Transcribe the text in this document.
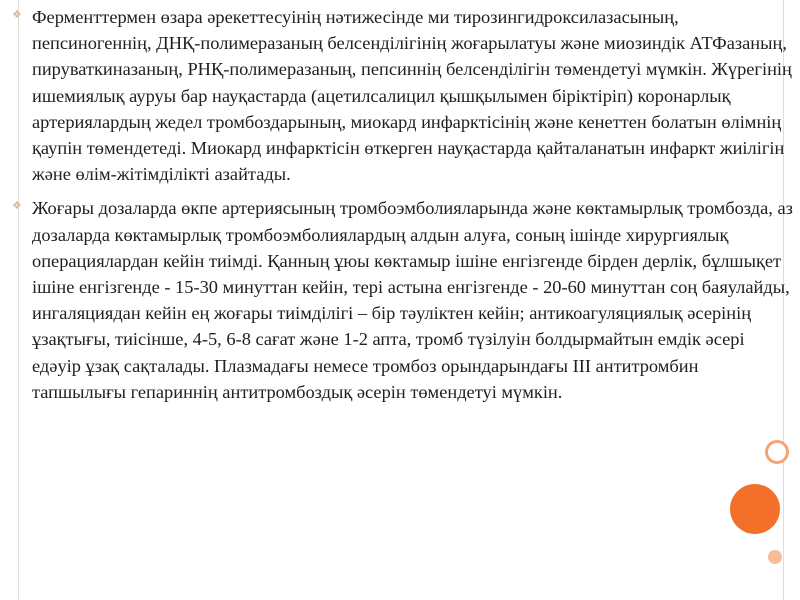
❖ Ферменттермен өзара әрекеттесуінің нәтижесінде ми тирозингидроксилазасының, пепсиногеннің, ДНҚ-полимеразаның белсенділігінің жоғарылатуы және миозиндік АТФазаның, пируваткиназаның, РНҚ-полимеразаның, пепсиннің белсенділігін төмендетуі мүмкін. Жүрегінің ишемиялық ауруы бар науқастарда (ацетилсалицил қышқылымен біріктіріп) коронарлық артериялардың жедел тромбоздарының, миокард инфарктісінің және кенеттен болатын өлімнің қаупін төмендетеді. Миокард инфарктісін өткерген науқастарда қайталанатын инфаркт жиілігін және өлім-жітімділікті азайтады.
❖ Жоғары дозаларда өкпе артериясының тромбоэмболияларында және көктамырлық тромбозда, аз дозаларда көктамырлық тромбоэмболиялардың алдын алуға, соның ішінде хирургиялық операциялардан кейін тиімді. Қанның ұюы көктамыр ішіне енгізгенде бірден дерлік, бұлшықет ішіне енгізгенде - 15-30 минуттан кейін, тері астына енгізгенде - 20-60 минуттан соң баяулайды, ингаляциядан кейін ең жоғары тиімділігі – бір тәуліктен кейін; антикоагуляциялық әсерінің ұзақтығы, тиісінше, 4-5, 6-8 сағат және 1-2 апта, тромб түзілуін болдырмайтын емдік әсері едәуір ұзақ сақталады. Плазмадағы немесе тромбоз орындарындағы III антитромбин тапшылығы гепариннің антитромбоздық әсерін төмендетуі мүмкін.
